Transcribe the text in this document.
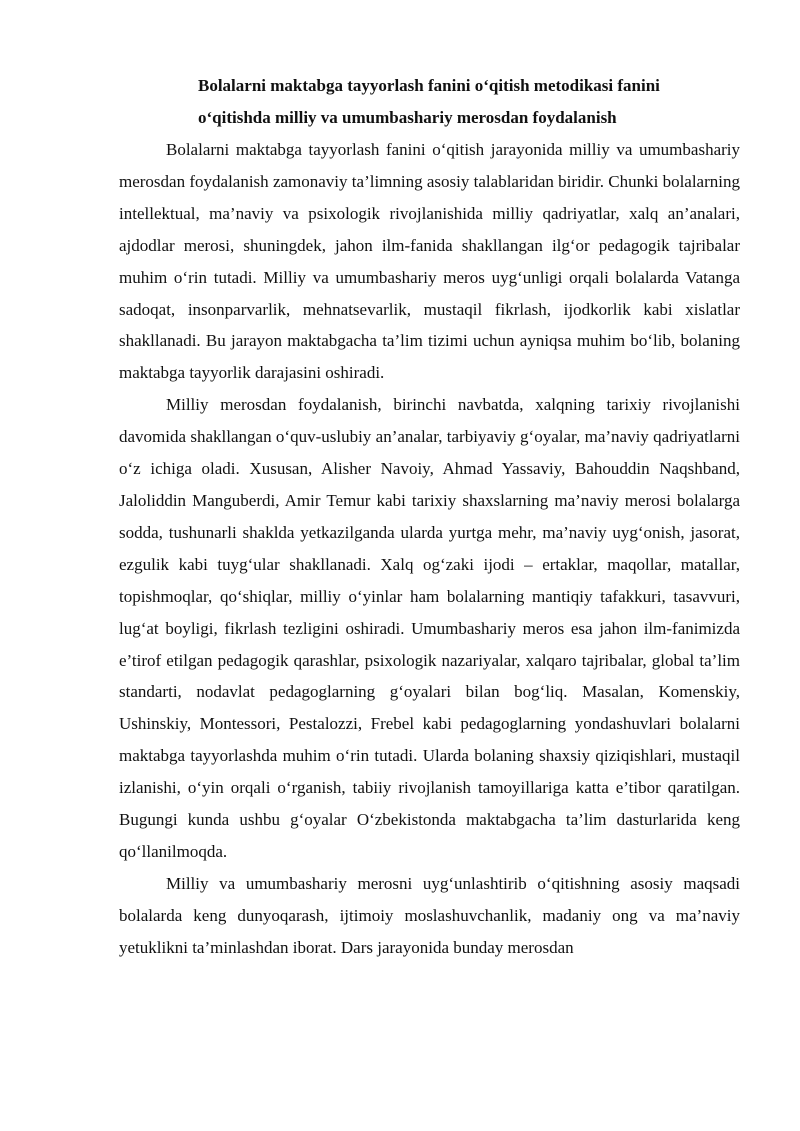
Bolalarni maktabga tayyorlash fanini o‘qitish metodikasi fanini
o‘qitishda milliy va umumbashariy merosdan foydalanish

Bolalarni maktabga tayyorlash fanini o‘qitish jarayonida milliy va umumbashariy merosdan foydalanish zamonaviy ta’limning asosiy talablaridan biridir. Chunki bolalarning intellektual, ma’naviy va psixologik rivojlanishida milliy qadriyatlar, xalq an’analari, ajdodlar merosi, shuningdek, jahon ilm-fanida shakllangan ilg‘or pedagogik tajribalar muhim o‘rin tutadi. Milliy va umumbashariy meros uyg‘unligi orqali bolalarda Vatanga sadoqat, insonparvarlik, mehnatsevarlik, mustaqil fikrlash, ijodkorlik kabi xislatlar shakllanadi. Bu jarayon maktabgacha ta’lim tizimi uchun ayniqsa muhim bo‘lib, bolaning maktabga tayyorlik darajasini oshiradi.

Milliy merosdan foydalanish, birinchi navbatda, xalqning tarixiy rivojlanishi davomida shakllangan o‘quv-uslubiy an’analar, tarbiyaviy g‘oyalar, ma’naviy qadriyatlarni o‘z ichiga oladi. Xususan, Alisher Navoiy, Ahmad Yassaviy, Bahouddin Naqshband, Jaloliddin Manguberdi, Amir Temur kabi tarixiy shaxslarning ma’naviy merosi bolalarga sodda, tushunarli shaklda yetkazilganda ularda yurtga mehr, ma’naviy uyg‘onish, jasorat, ezgulik kabi tuyg‘ular shakllanadi. Xalq og‘zaki ijodi – ertaklar, maqollar, matallar, topishmoqlar, qo‘shiqlar, milliy o‘yinlar ham bolalarning mantiqiy tafakkuri, tasavvuri, lug‘at boyligi, fikrlash tezligini oshiradi. Umumbashariy meros esa jahon ilm-fanimizda e’tirof etilgan pedagogik qarashlar, psixologik nazariyalar, xalqaro tajribalar, global ta’lim standarti, nodavlat pedagoglarning g‘oyalari bilan bog‘liq. Masalan, Komenskiy, Ushinskiy, Montessori, Pestalozzi, Frebel kabi pedagoglarning yondashuvlari bolalarni maktabga tayyorlashda muhim o‘rin tutadi. Ularda bolaning shaxsiy qiziqishlari, mustaqil izlanishi, o‘yin orqali o‘rganish, tabiiy rivojlanish tamoyillariga katta e’tibor qaratilgan. Bugungi kunda ushbu g‘oyalar O‘zbekistonda maktabgacha ta’lim dasturlarida keng qo‘llanilmoqda.

Milliy va umumbashariy merosni uyg‘unlashtirib o‘qitishning asosiy maqsadi bolalarda keng dunyoqarash, ijtimoiy moslashuvchanlik, madaniy ong va ma’naviy yetuklikni ta’minlashdan iborat. Dars jarayonida bunday merosdan
